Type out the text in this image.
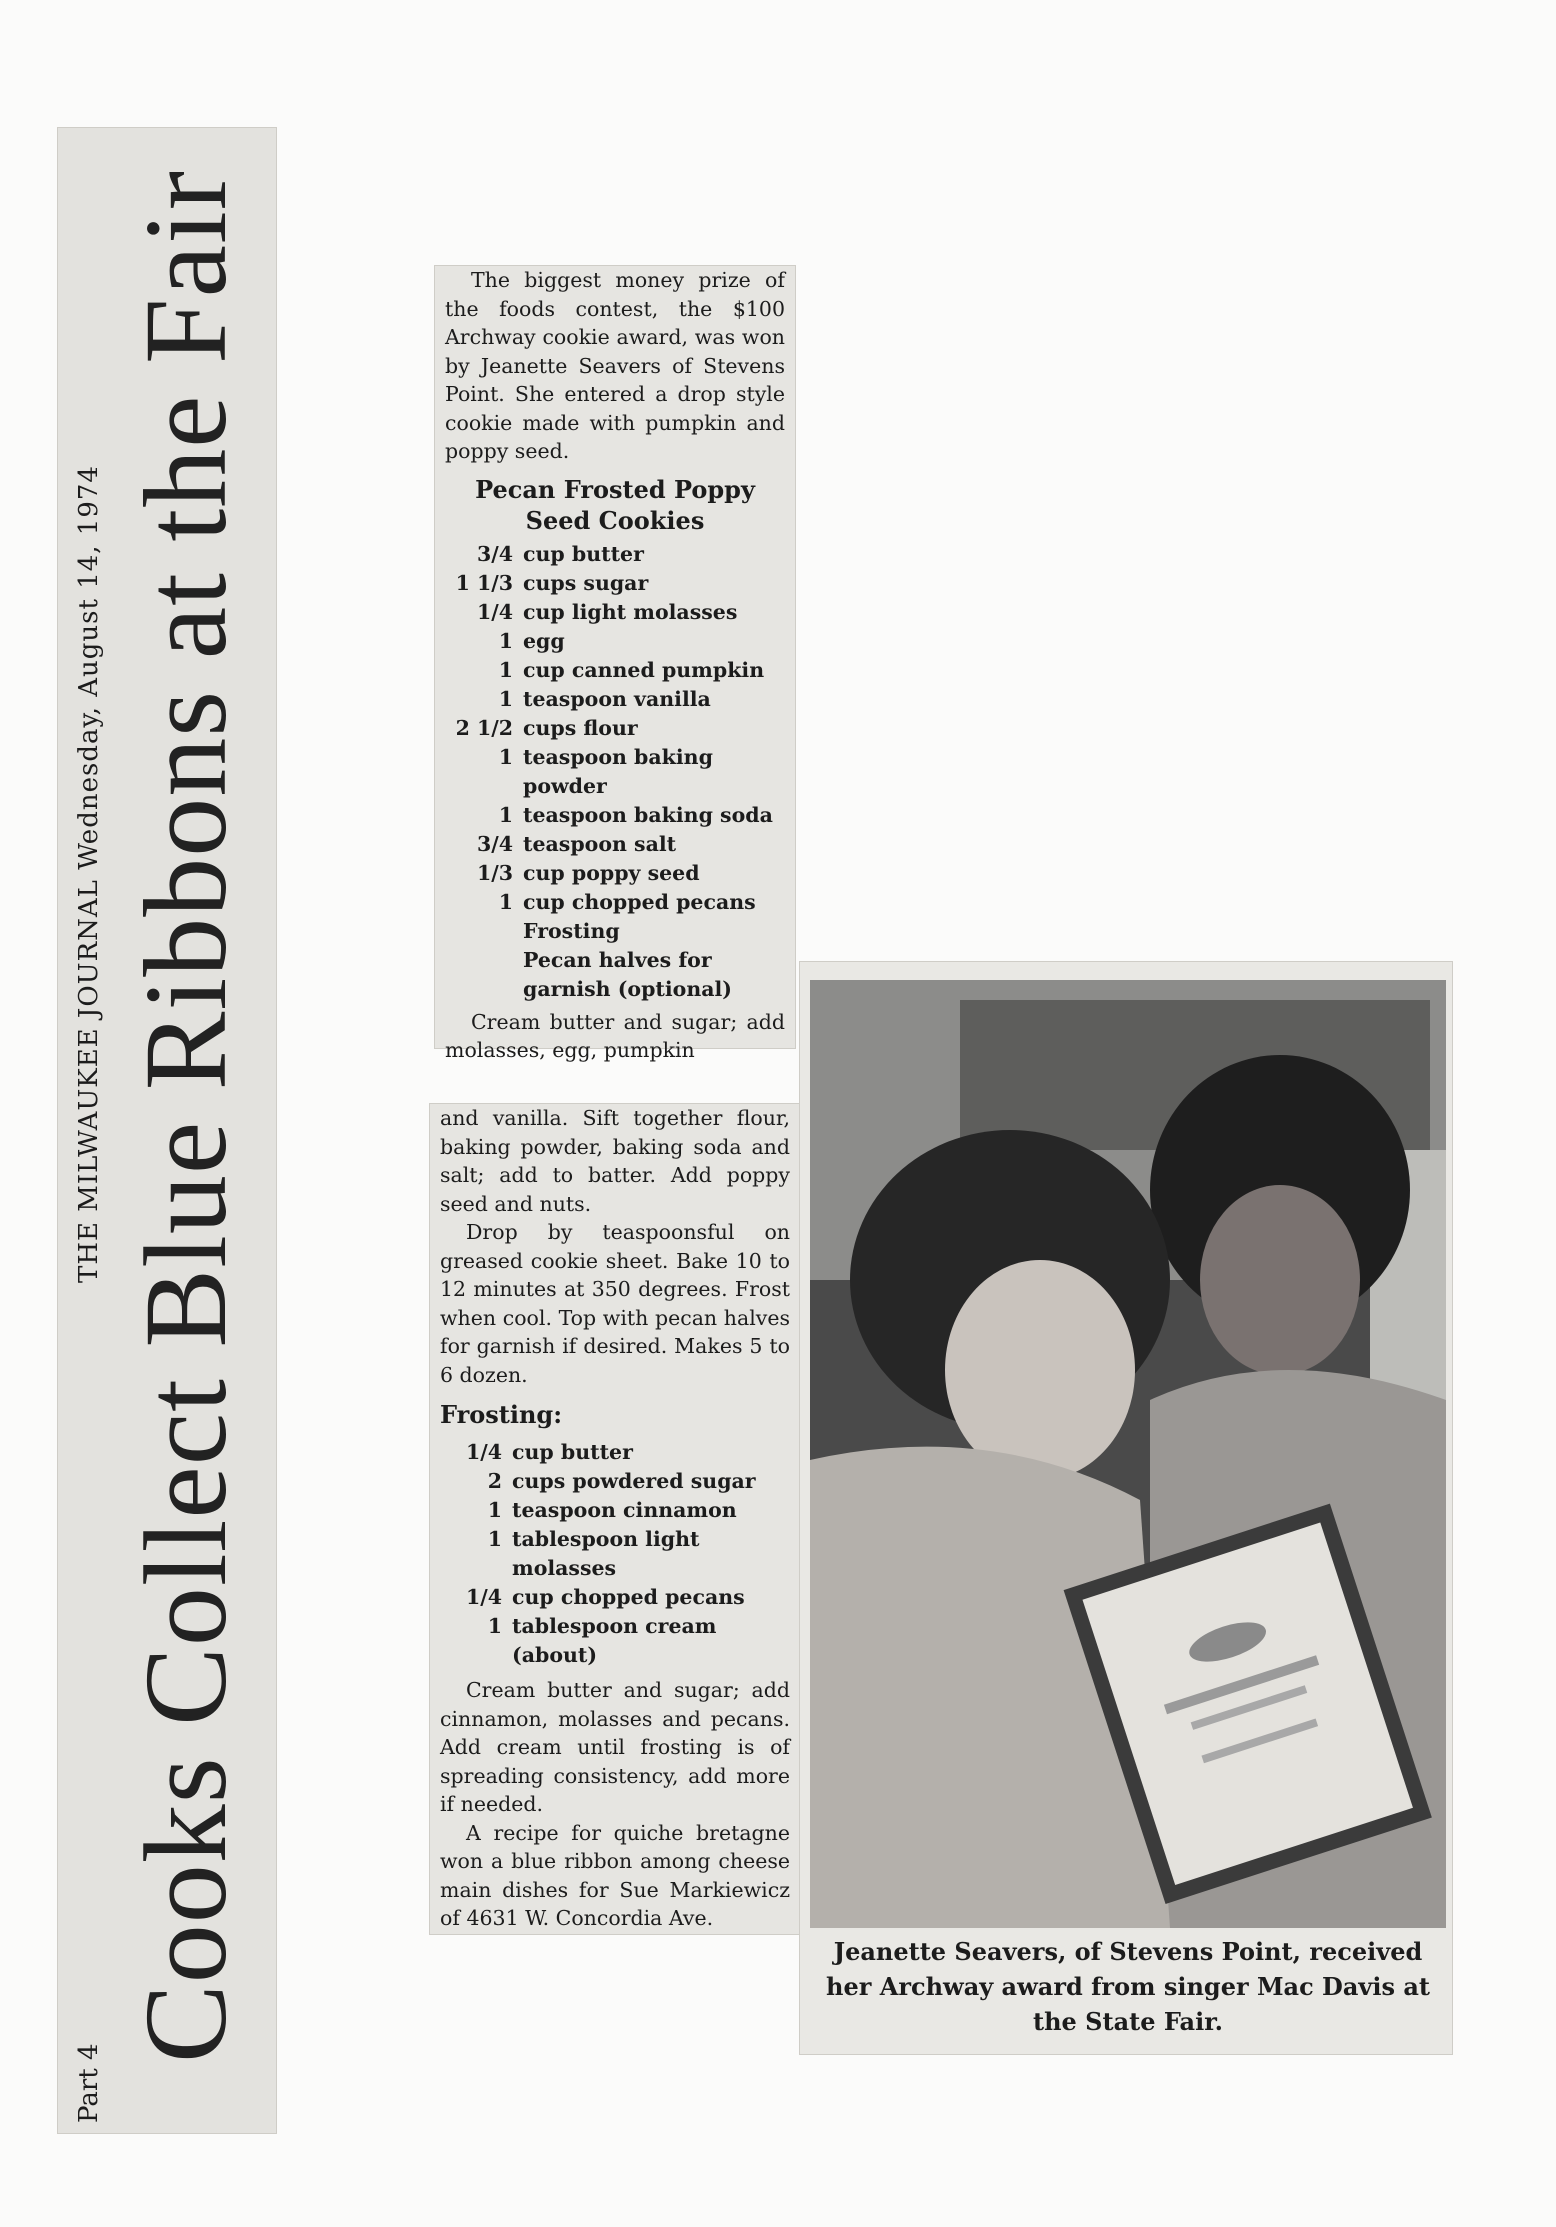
Part 4
THE MILWAUKEE JOURNAL Wednesday, August 14, 1974 Cooks Collect Blue Ribbons at the Fair	The biggest money prize of the foods contest, the $100 Archway cookie award, was won by Jeanette Seavers of Stevens Point. She entered a drop style cookie made with pumpkin and poppy seed.

Pecan Frosted Poppy Seed Cookies
3/4 cup butter
1 1/3 cups sugar
1/4 cup light molasses
1 egg
1 cup canned pumpkin
1 teaspoon vanilla
2 1/2 cups flour
1 teaspoon baking powder
1 teaspoon baking soda
3/4 teaspoon salt
1/3 cup poppy seed
1 cup chopped pecans
Frosting
Pecan halves for garnish (optional)

Cream butter and sugar; add molasses, egg, pumpkin

and vanilla. Sift together flour, baking powder, baking soda and salt; add to batter. Add poppy seed and nuts.

Drop by teaspoonsful on greased cookie sheet. Bake 10 to 12 minutes at 350 degrees. Frost when cool. Top with pecan halves for garnish if desired. Makes 5 to 6 dozen.

Frosting:
1/4 cup butter
2 cups powdered sugar
1 teaspoon cinnamon
1 tablespoon light molasses
1/4 cup chopped pecans
1 tablespoon cream (about)

Cream butter and sugar; add cinnamon, molasses and pecans. Add cream until frosting is of spreading consistency, add more if needed.

A recipe for quiche bretagne won a blue ribbon among cheese main dishes for Sue Markiewicz of 4631 W. Concordia Ave.

Jeanette Seavers, of Stevens Point, received her Archway award from singer Mac Davis at the State Fair.
